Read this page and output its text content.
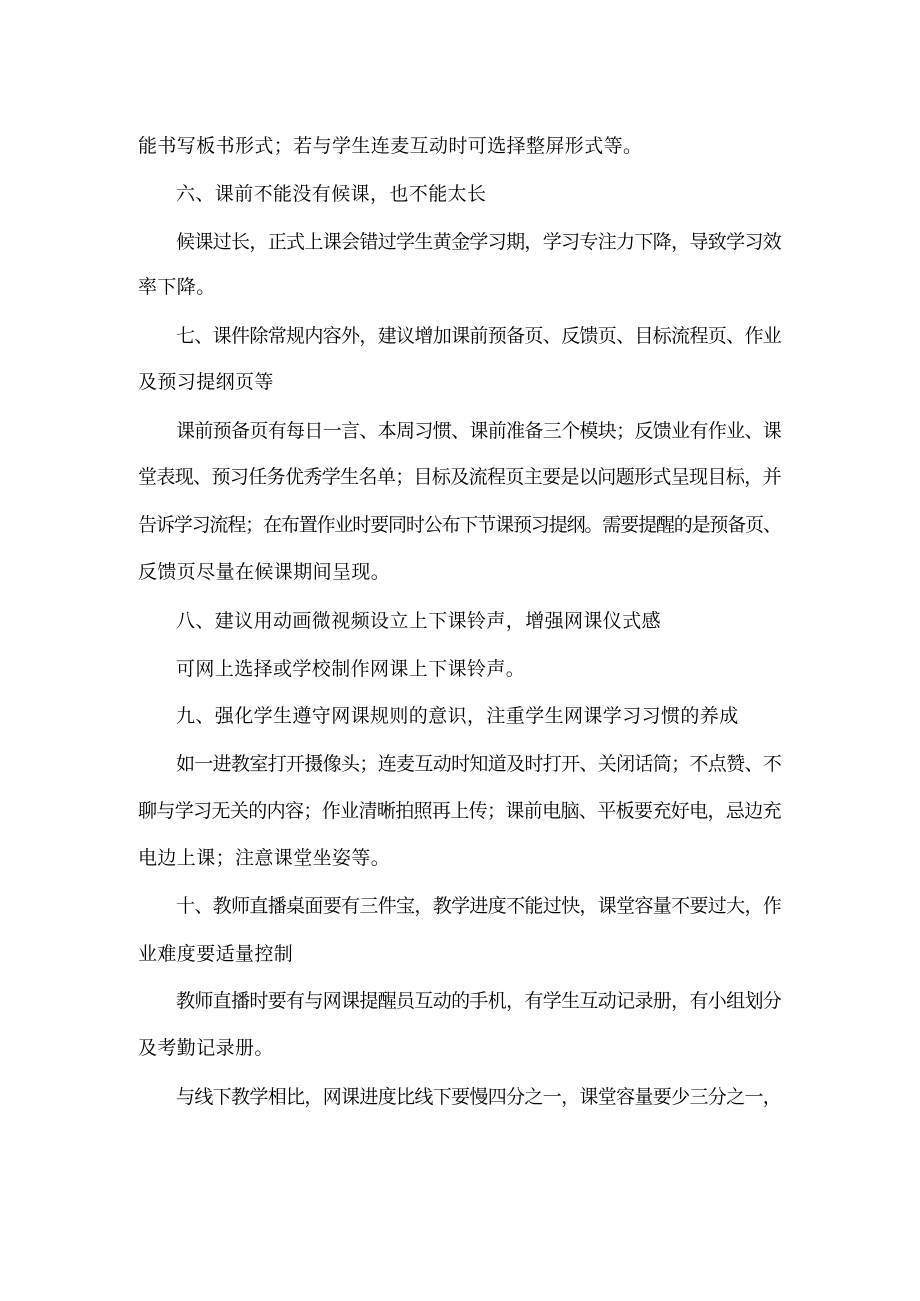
能书写板书形式；若与学生连麦互动时可选择整屏形式等。

六、课前不能没有候课，也不能太长

候课过长，正式上课会错过学生黄金学习期，学习专注力下降，导致学习效

率下降。

七、课件除常规内容外，建议增加课前预备页、反馈页、目标流程页、作业

及预习提纲页等

课前预备页有每日一言、本周习惯、课前准备三个模块；反馈业有作业、课

堂表现、预习任务优秀学生名单；目标及流程页主要是以问题形式呈现目标，并

告诉学习流程；在布置作业时要同时公布下节课预习提纲。需要提醒的是预备页、

反馈页尽量在候课期间呈现。

八、建议用动画微视频设立上下课铃声，增强网课仪式感

可网上选择或学校制作网课上下课铃声。

九、强化学生遵守网课规则的意识，注重学生网课学习习惯的养成

如一进教室打开摄像头；连麦互动时知道及时打开、关闭话筒；不点赞、不

聊与学习无关的内容；作业清晰拍照再上传；课前电脑、平板要充好电，忌边充

电边上课；注意课堂坐姿等。

十、教师直播桌面要有三件宝，教学进度不能过快，课堂容量不要过大，作

业难度要适量控制

教师直播时要有与网课提醒员互动的手机，有学生互动记录册，有小组划分

及考勤记录册。

与线下教学相比，网课进度比线下要慢四分之一，课堂容量要少三分之一，
